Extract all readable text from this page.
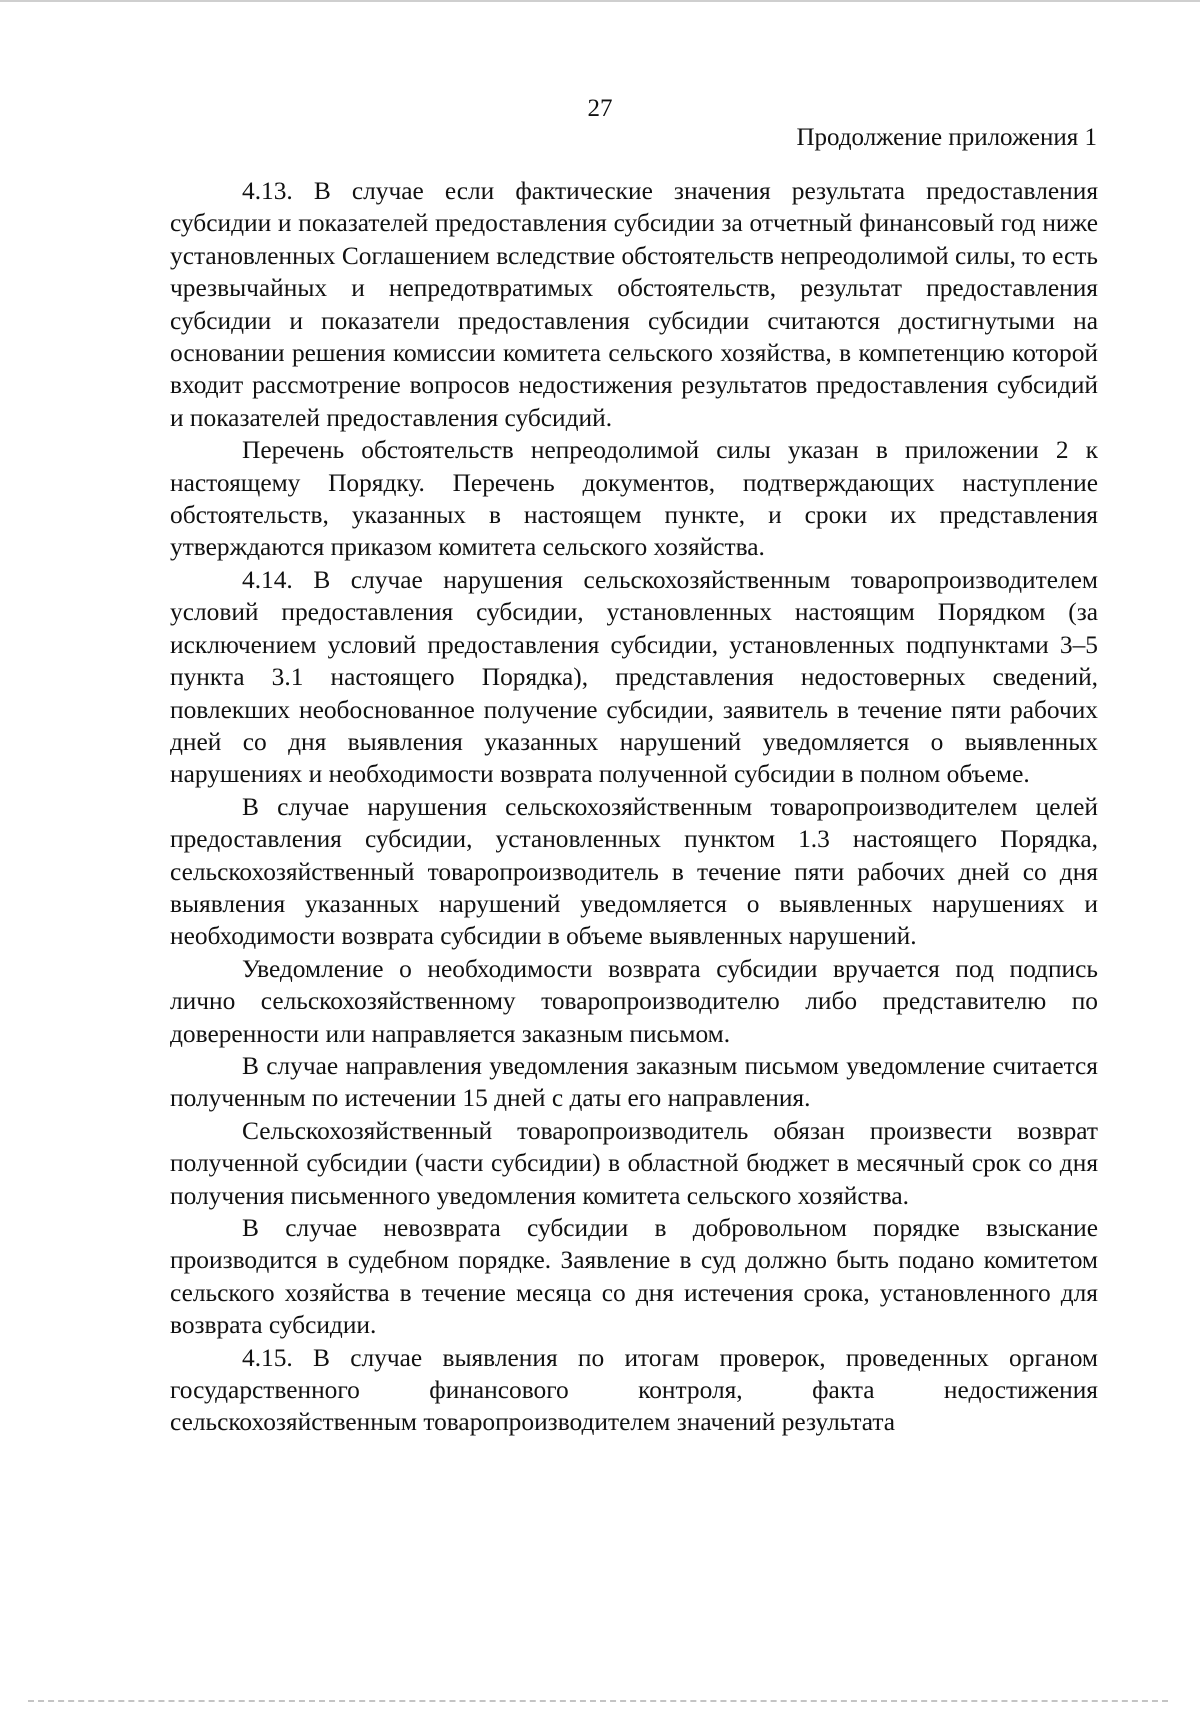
27
Продолжение приложения 1

4.13. В случае если фактические значения результата предоставления субсидии и показателей предоставления субсидии за отчетный финансовый год ниже установленных Соглашением вследствие обстоятельств непреодолимой силы, то есть чрезвычайных и непредотвратимых обстоятельств, результат предоставления субсидии и показатели предоставления субсидии считаются достигнутыми на основании решения комиссии комитета сельского хозяйства, в компетенцию которой входит рассмотрение вопросов недостижения результатов предоставления субсидий и показателей предоставления субсидий.

Перечень обстоятельств непреодолимой силы указан в приложении 2 к настоящему Порядку. Перечень документов, подтверждающих наступление обстоятельств, указанных в настоящем пункте, и сроки их представления утверждаются приказом комитета сельского хозяйства.

4.14. В случае нарушения сельскохозяйственным товаропроизводителем условий предоставления субсидии, установленных настоящим Порядком (за исключением условий предоставления субсидии, установленных подпунктами 3–5 пункта 3.1 настоящего Порядка), представления недостоверных сведений, повлекших необоснованное получение субсидии, заявитель в течение пяти рабочих дней со дня выявления указанных нарушений уведомляется о выявленных нарушениях и необходимости возврата полученной субсидии в полном объеме.

В случае нарушения сельскохозяйственным товаропроизводителем целей предоставления субсидии, установленных пунктом 1.3 настоящего Порядка, сельскохозяйственный товаропроизводитель в течение пяти рабочих дней со дня выявления указанных нарушений уведомляется о выявленных нарушениях и необходимости возврата субсидии в объеме выявленных нарушений.

Уведомление о необходимости возврата субсидии вручается под подпись лично сельскохозяйственному товаропроизводителю либо представителю по доверенности или направляется заказным письмом.

В случае направления уведомления заказным письмом уведомление считается полученным по истечении 15 дней с даты его направления.

Сельскохозяйственный товаропроизводитель обязан произвести возврат полученной субсидии (части субсидии) в областной бюджет в месячный срок со дня получения письменного уведомления комитета сельского хозяйства.

В случае невозврата субсидии в добровольном порядке взыскание производится в судебном порядке. Заявление в суд должно быть подано комитетом сельского хозяйства в течение месяца со дня истечения срока, установленного для возврата субсидии.

4.15. В случае выявления по итогам проверок, проведенных органом государственного финансового контроля, факта недостижения сельскохозяйственным товаропроизводителем значений результата
